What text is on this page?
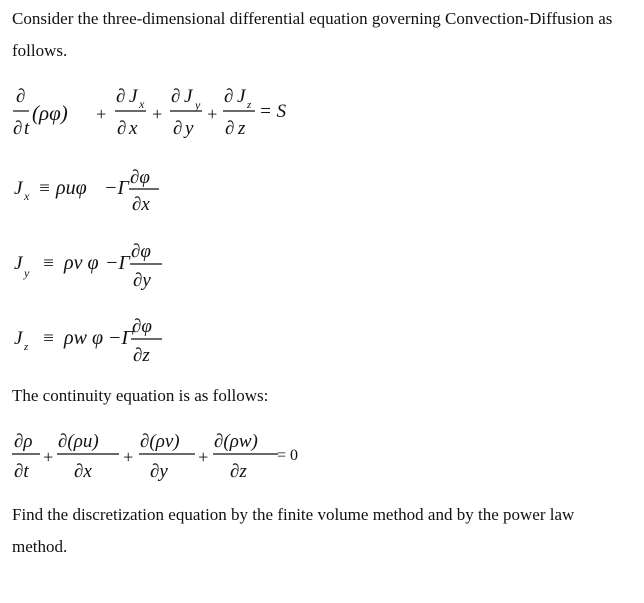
Consider the three-dimensional differential equation governing Convection-Diffusion as follows.

∂
∂ t
(ρφ) +
∂ J x
∂ x
+
∂ J y
∂ y
+
∂ J z
∂ z
= S
J x ≡ ρuφ −Γ ∂φ
∂x
J y ≡ ρv φ −Γ
∂φ
∂y
J z ≡ ρw φ −Γ
∂φ
∂z

The continuity equation is as follows:

∂ρ
∂t
+
∂(ρu)
∂x
+
∂(ρv)
∂y
+
∂(ρw)
∂z
= 0

Find the discretization equation by the finite volume method and by the power law method.
